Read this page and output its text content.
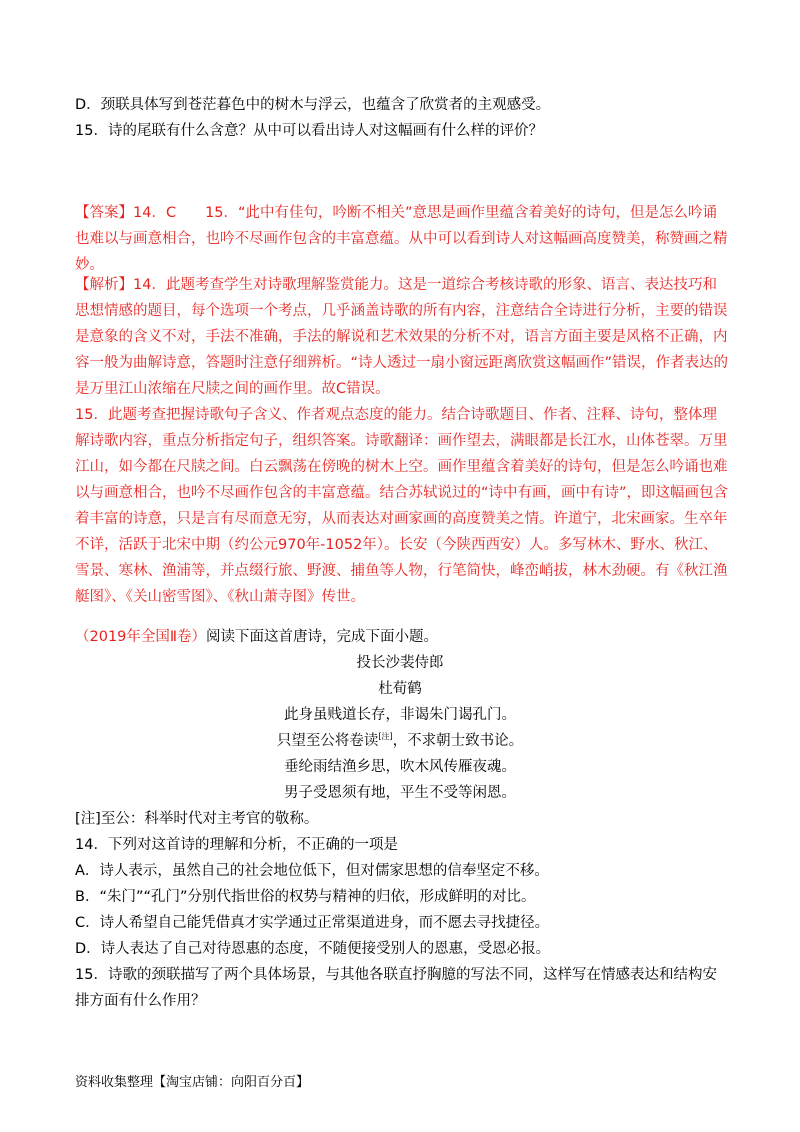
D．颈联具体写到苍茫暮色中的树木与浮云，也蕴含了欣赏者的主观感受。
15．诗的尾联有什么含意？从中可以看出诗人对这幅画有什么样的评价？
【答案】14．C　　15．“此中有佳句，吟断不相关”意思是画作里蕴含着美好的诗句，但是怎么吟诵也难以与画意相合，也吟不尽画作包含的丰富意蕴。从中可以看到诗人对这幅画高度赞美，称赞画之精妙。
【解析】14．此题考查学生对诗歌理解鉴赏能力。这是一道综合考核诗歌的形象、语言、表达技巧和思想情感的题目，每个选项一个考点，几乎涵盖诗歌的所有内容，注意结合全诗进行分析，主要的错误是意象的含义不对，手法不准确，手法的解说和艺术效果的分析不对，语言方面主要是风格不正确，内容一般为曲解诗意，答题时注意仔细辨析。“诗人透过一扇小窗远距离欣赏这幅画作”错误，作者表达的是万里江山浓缩在尺牍之间的画作里。故C错误。
15．此题考查把握诗歌句子含义、作者观点态度的能力。结合诗歌题目、作者、注释、诗句，整体理解诗歌内容，重点分析指定句子，组织答案。诗歌翻译：画作望去，满眼都是长江水，山体苍翠。万里江山，如今都在尺牍之间。白云飘荡在傍晚的树木上空。画作里蕴含着美好的诗句，但是怎么吟诵也难以与画意相合，也吟不尽画作包含的丰富意蕴。结合苏轼说过的“诗中有画，画中有诗”，即这幅画包含着丰富的诗意，只是言有尽而意无穷，从而表达对画家画的高度赞美之情。许道宁，北宋画家。生卒年不详，活跃于北宋中期（约公元970年-1052年）。长安（今陕西西安）人。多写林木、野水、秋江、雪景、寒林、渔浦等，并点缀行旅、野渡、捕鱼等人物，行笔简快，峰峦峭拔，林木劲硬。有《秋江渔艇图》、《关山密雪图》、《秋山萧寺图》传世。
（2019年全国Ⅱ卷）阅读下面这首唐诗，完成下面小题。
投长沙裴侍郎
杜荀鹤
此身虽贱道长存，非谒朱门谒孔门。
只望至公将卷读[注]，不求朝士致书论。
垂纶雨结渔乡思，吹木风传雁夜魂。
男子受恩须有地，平生不受等闲恩。
[注]至公：科举时代对主考官的敬称。
14．下列对这首诗的理解和分析，不正确的一项是
A．诗人表示，虽然自己的社会地位低下，但对儒家思想的信奉坚定不移。
B．“朱门”“孔门”分别代指世俗的权势与精神的归依，形成鲜明的对比。
C．诗人希望自己能凭借真才实学通过正常渠道进身，而不愿去寻找捷径。
D．诗人表达了自己对待恩惠的态度，不随便接受别人的恩惠，受恩必报。
15．诗歌的颈联描写了两个具体场景，与其他各联直抒胸臆的写法不同，这样写在情感表达和结构安排方面有什么作用？
资料收集整理【淘宝店铺：向阳百分百】
